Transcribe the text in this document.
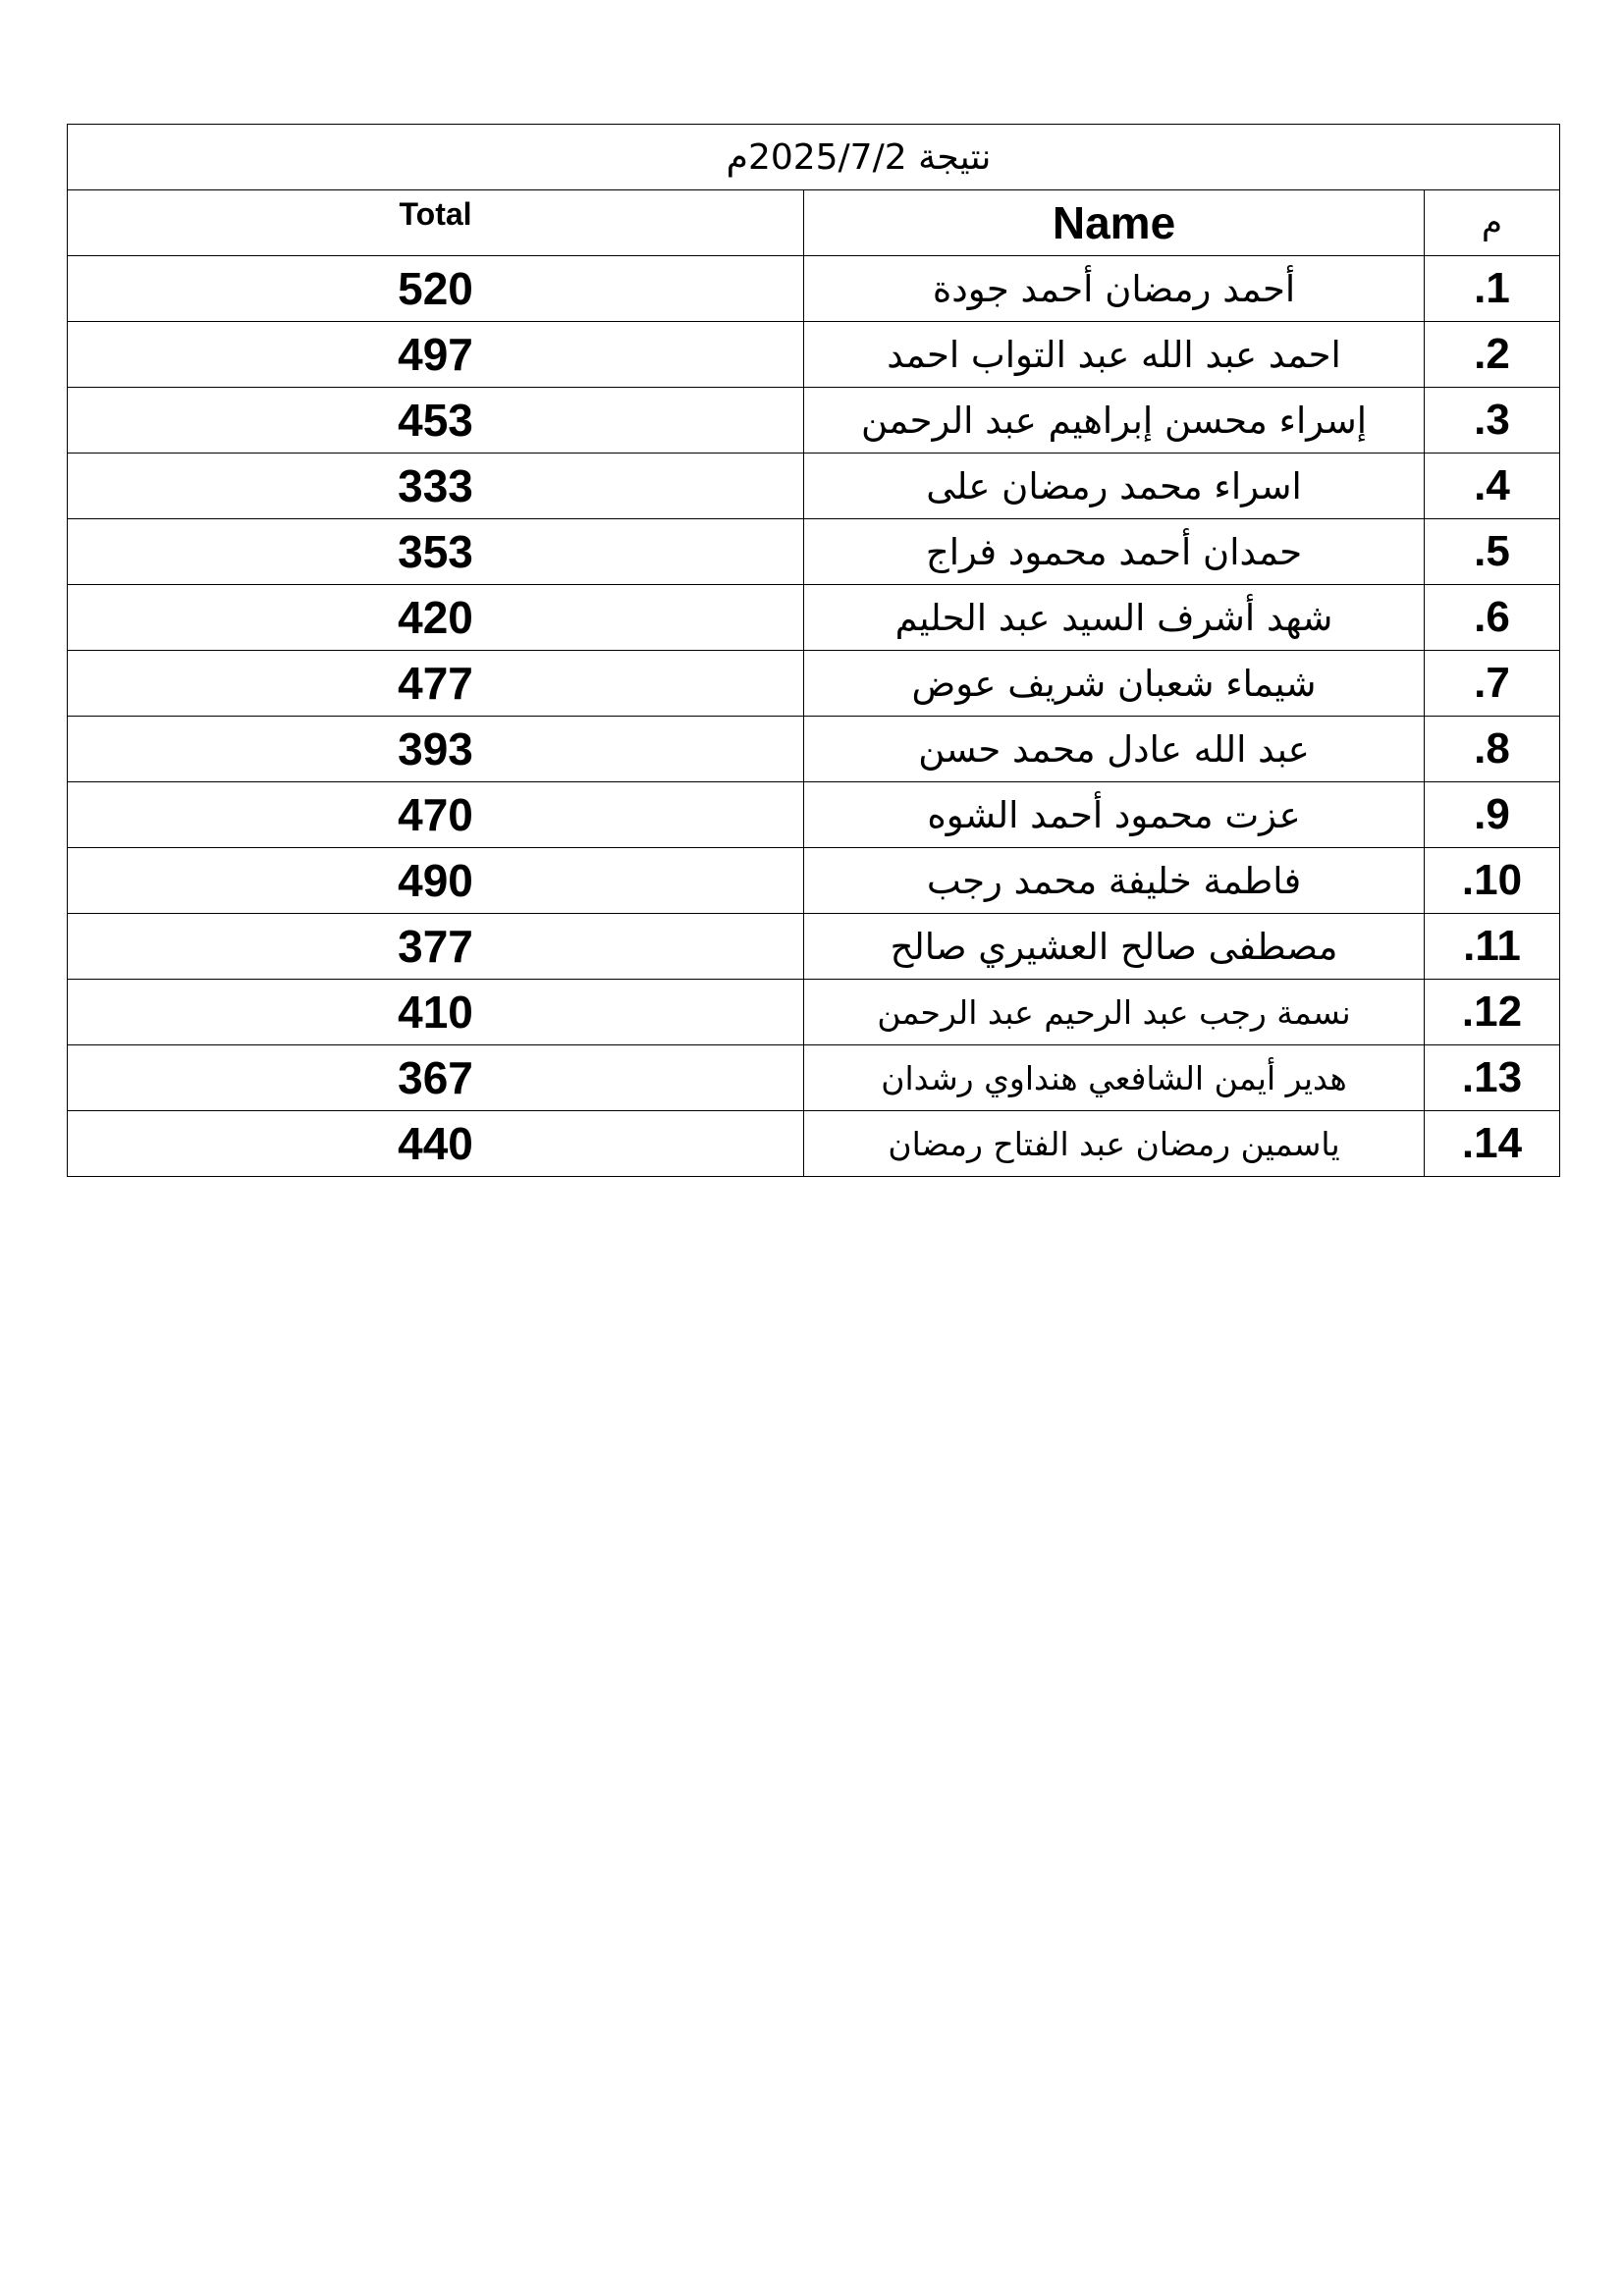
نتيجة 2025/7/2م		
م	Name	Total
1.	أحمد رمضان أحمد جودة	520
2.	احمد عبد الله عبد التواب احمد	497
3.	إسراء محسن إبراهيم عبد الرحمن	453
4.	اسراء محمد رمضان على	333
5.	حمدان أحمد محمود فراج	353
6.	شهد أشرف السيد عبد الحليم	420
7.	شيماء شعبان شريف عوض	477
8.	عبد الله عادل محمد حسن	393
9.	عزت محمود أحمد الشوه	470
10.	فاطمة خليفة محمد رجب	490
11.	مصطفى صالح العشيري صالح	377
12.	نسمة رجب عبد الرحيم عبد الرحمن	410
13.	هدير أيمن الشافعي هنداوي رشدان	367
14.	ياسمين رمضان عبد الفتاح رمضان	440
